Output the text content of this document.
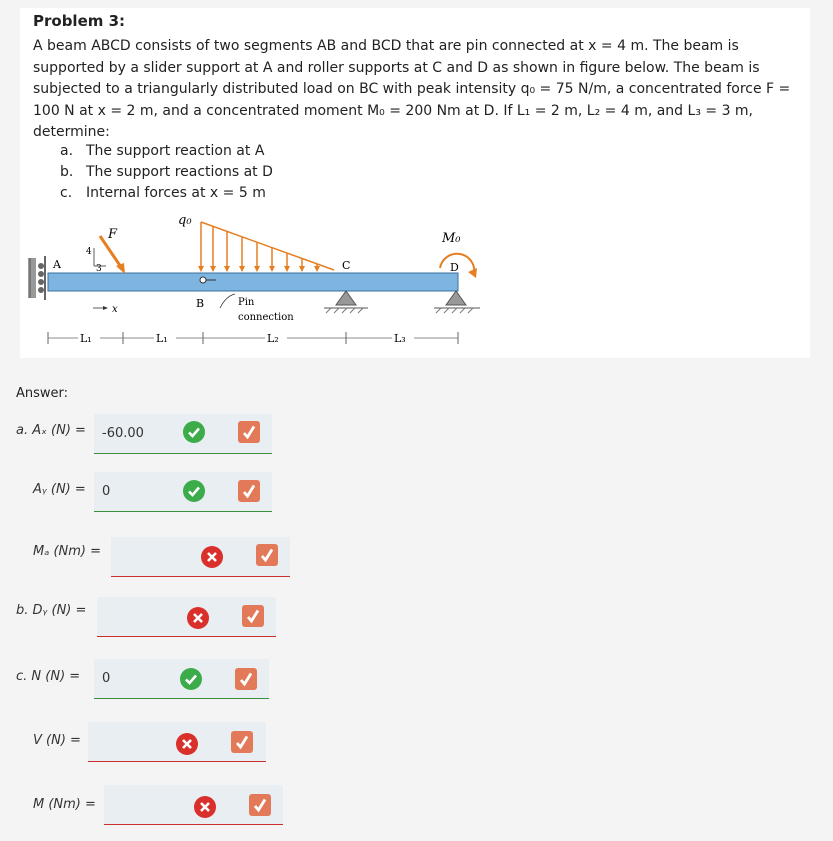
Problem 3:
A beam ABCD consists of two segments AB and BCD that are pin connected at x = 4 m. The beam is
supported by a slider support at A and roller supports at C and D as shown in figure below. The beam is
subjected to a triangularly distributed load on BC with peak intensity q₀ = 75 N/m, a concentrated force F =
100 N at x = 2 m, and a concentrated moment M₀ = 200 Nm at D. If L₁ = 2 m, L₂ = 4 m, and L₃ = 3 m,
determine:
a. The support reaction at A
b. The support reactions at D
c. Internal forces at x = 5 m
A
F
4
3
x
q₀
B	Pin
connection
C	D
M₀
L₁	L₁	L₂	L₃
Answer:
a. Aₓ (N) =	-60.00
Aᵧ (N) =	0
Mₐ (Nm) =
b. Dᵧ (N) =
c. N (N) =	0
V (N) =
M (Nm) =
